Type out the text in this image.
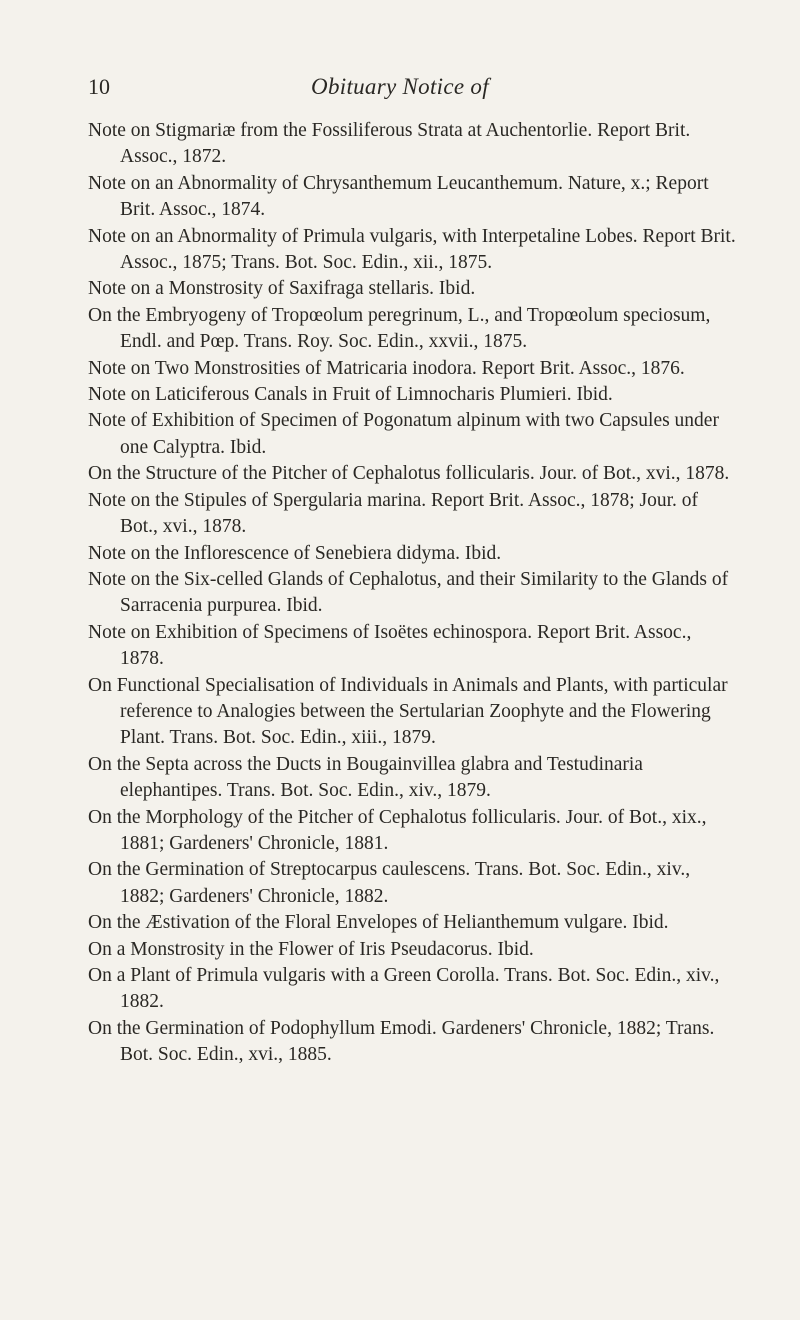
10	Obituary Notice of
Note on Stigmariæ from the Fossiliferous Strata at Auchentorlie. Report Brit. Assoc., 1872.
Note on an Abnormality of Chrysanthemum Leucanthemum. Nature, x.; Report Brit. Assoc., 1874.
Note on an Abnormality of Primula vulgaris, with Interpetaline Lobes. Report Brit. Assoc., 1875; Trans. Bot. Soc. Edin., xii., 1875.
Note on a Monstrosity of Saxifraga stellaris. Ibid.
On the Embryogeny of Tropœolum peregrinum, L., and Tropœolum speciosum, Endl. and Pœp. Trans. Roy. Soc. Edin., xxvii., 1875.
Note on Two Monstrosities of Matricaria inodora. Report Brit. Assoc., 1876.
Note on Laticiferous Canals in Fruit of Limnocharis Plumieri. Ibid.
Note of Exhibition of Specimen of Pogonatum alpinum with two Capsules under one Calyptra. Ibid.
On the Structure of the Pitcher of Cephalotus follicularis. Jour. of Bot., xvi., 1878.
Note on the Stipules of Spergularia marina. Report Brit. Assoc., 1878; Jour. of Bot., xvi., 1878.
Note on the Inflorescence of Senebiera didyma. Ibid.
Note on the Six-celled Glands of Cephalotus, and their Similarity to the Glands of Sarracenia purpurea. Ibid.
Note on Exhibition of Specimens of Isoëtes echinospora. Report Brit. Assoc., 1878.
On Functional Specialisation of Individuals in Animals and Plants, with particular reference to Analogies between the Sertularian Zoophyte and the Flowering Plant. Trans. Bot. Soc. Edin., xiii., 1879.
On the Septa across the Ducts in Bougainvillea glabra and Testudinaria elephantipes. Trans. Bot. Soc. Edin., xiv., 1879.
On the Morphology of the Pitcher of Cephalotus follicularis. Jour. of Bot., xix., 1881; Gardeners' Chronicle, 1881.
On the Germination of Streptocarpus caulescens. Trans. Bot. Soc. Edin., xiv., 1882; Gardeners' Chronicle, 1882.
On the Æstivation of the Floral Envelopes of Helianthemum vulgare. Ibid.
On a Monstrosity in the Flower of Iris Pseudacorus. Ibid.
On a Plant of Primula vulgaris with a Green Corolla. Trans. Bot. Soc. Edin., xiv., 1882.
On the Germination of Podophyllum Emodi. Gardeners' Chronicle, 1882; Trans. Bot. Soc. Edin., xvi., 1885.
